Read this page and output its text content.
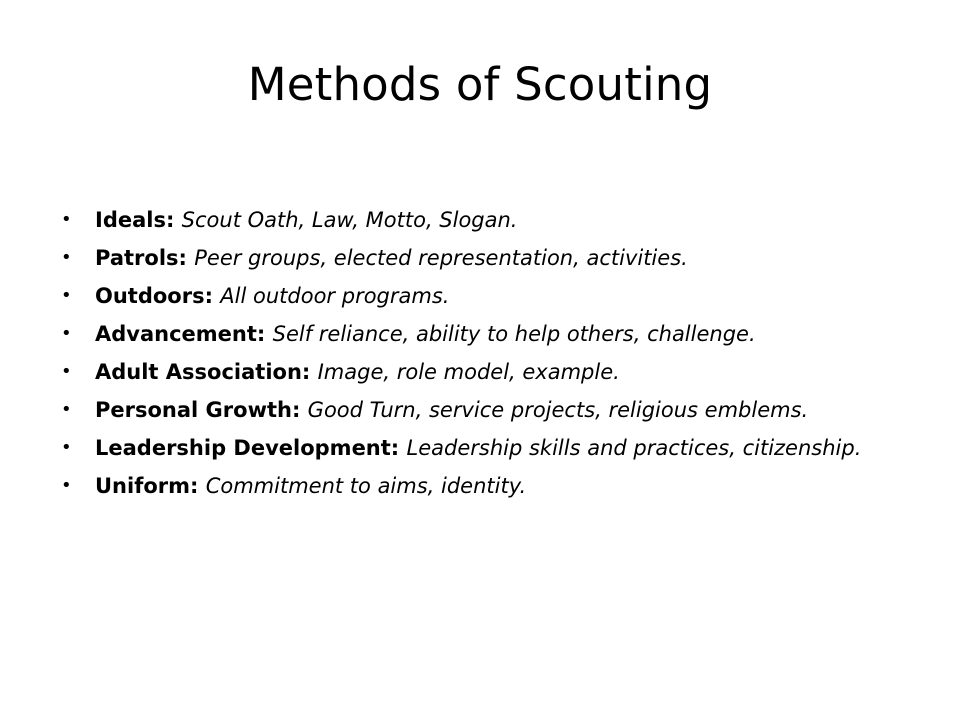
Methods of Scouting
•	Ideals: Scout Oath, Law, Motto, Slogan.
•	Patrols: Peer groups, elected representation, activities.
•	Outdoors: All outdoor programs.
•	Advancement: Self reliance, ability to help others, challenge.
•	Adult Association: Image, role model, example.
•	Personal Growth: Good Turn, service projects, religious emblems.
•	Leadership Development: Leadership skills and practices, citizenship.
•	Uniform: Commitment to aims, identity.
